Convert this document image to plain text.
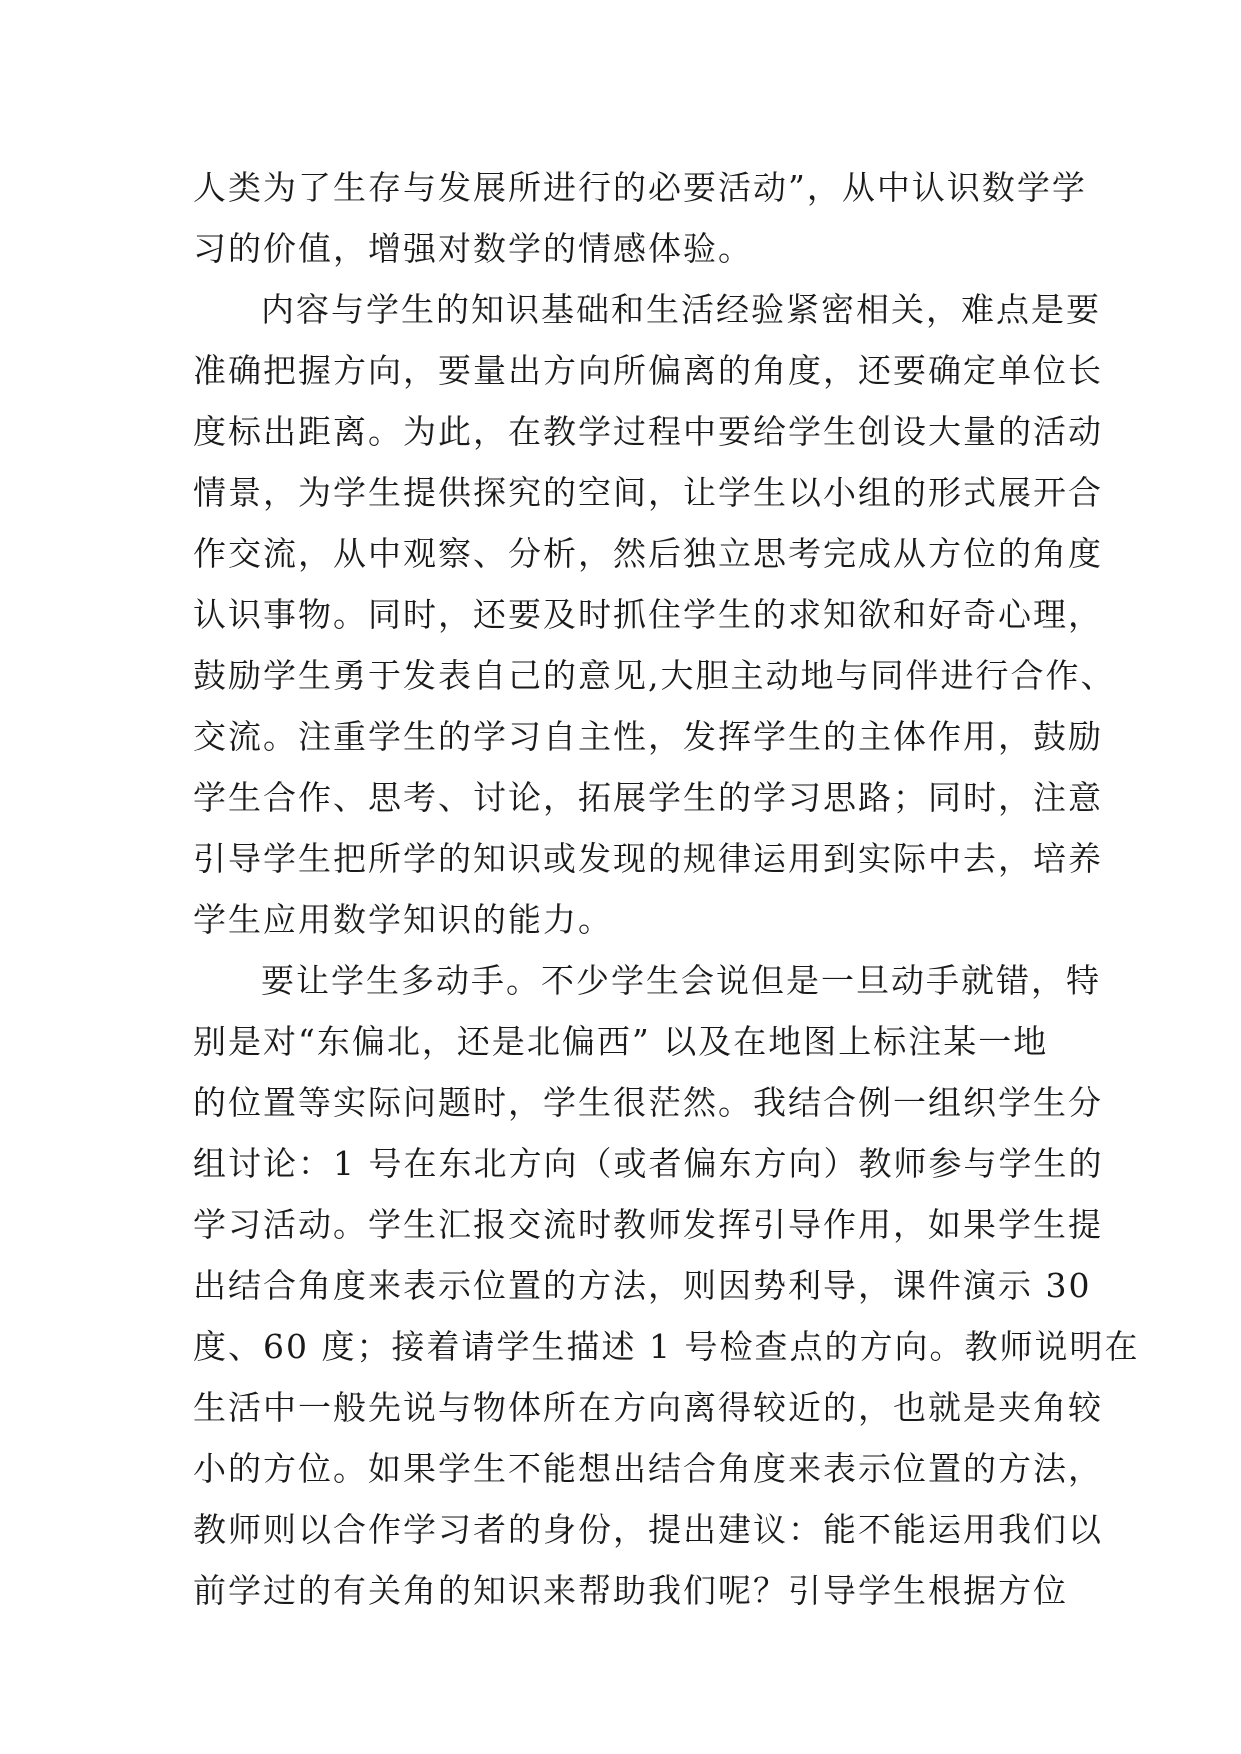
人类为了生存与发展所进行的必要活动”，从中认识数学学
习的价值，增强对数学的情感体验。
内容与学生的知识基础和生活经验紧密相关，难点是要
准确把握方向，要量出方向所偏离的角度，还要确定单位长
度标出距离。为此，在教学过程中要给学生创设大量的活动
情景，为学生提供探究的空间，让学生以小组的形式展开合
作交流，从中观察、分析，然后独立思考完成从方位的角度
认识事物。同时，还要及时抓住学生的求知欲和好奇心理，
鼓励学生勇于发表自己的意见,大胆主动地与同伴进行合作、
交流。注重学生的学习自主性，发挥学生的主体作用，鼓励
学生合作、思考、讨论，拓展学生的学习思路；同时，注意
引导学生把所学的知识或发现的规律运用到实际中去，培养
学生应用数学知识的能力。
要让学生多动手。不少学生会说但是一旦动手就错，特
别是对“东偏北，还是北偏西” 以及在地图上标注某一地
的位置等实际问题时，学生很茫然。我结合例一组织学生分
组讨论：1 号在东北方向（或者偏东方向）教师参与学生的
学习活动。学生汇报交流时教师发挥引导作用，如果学生提
出结合角度来表示位置的方法，则因势利导，课件演示 30
度、60 度；接着请学生描述 1 号检查点的方向。教师说明在
生活中一般先说与物体所在方向离得较近的，也就是夹角较
小的方位。如果学生不能想出结合角度来表示位置的方法，
教师则以合作学习者的身份，提出建议：能不能运用我们以
前学过的有关角的知识来帮助我们呢？引导学生根据方位
